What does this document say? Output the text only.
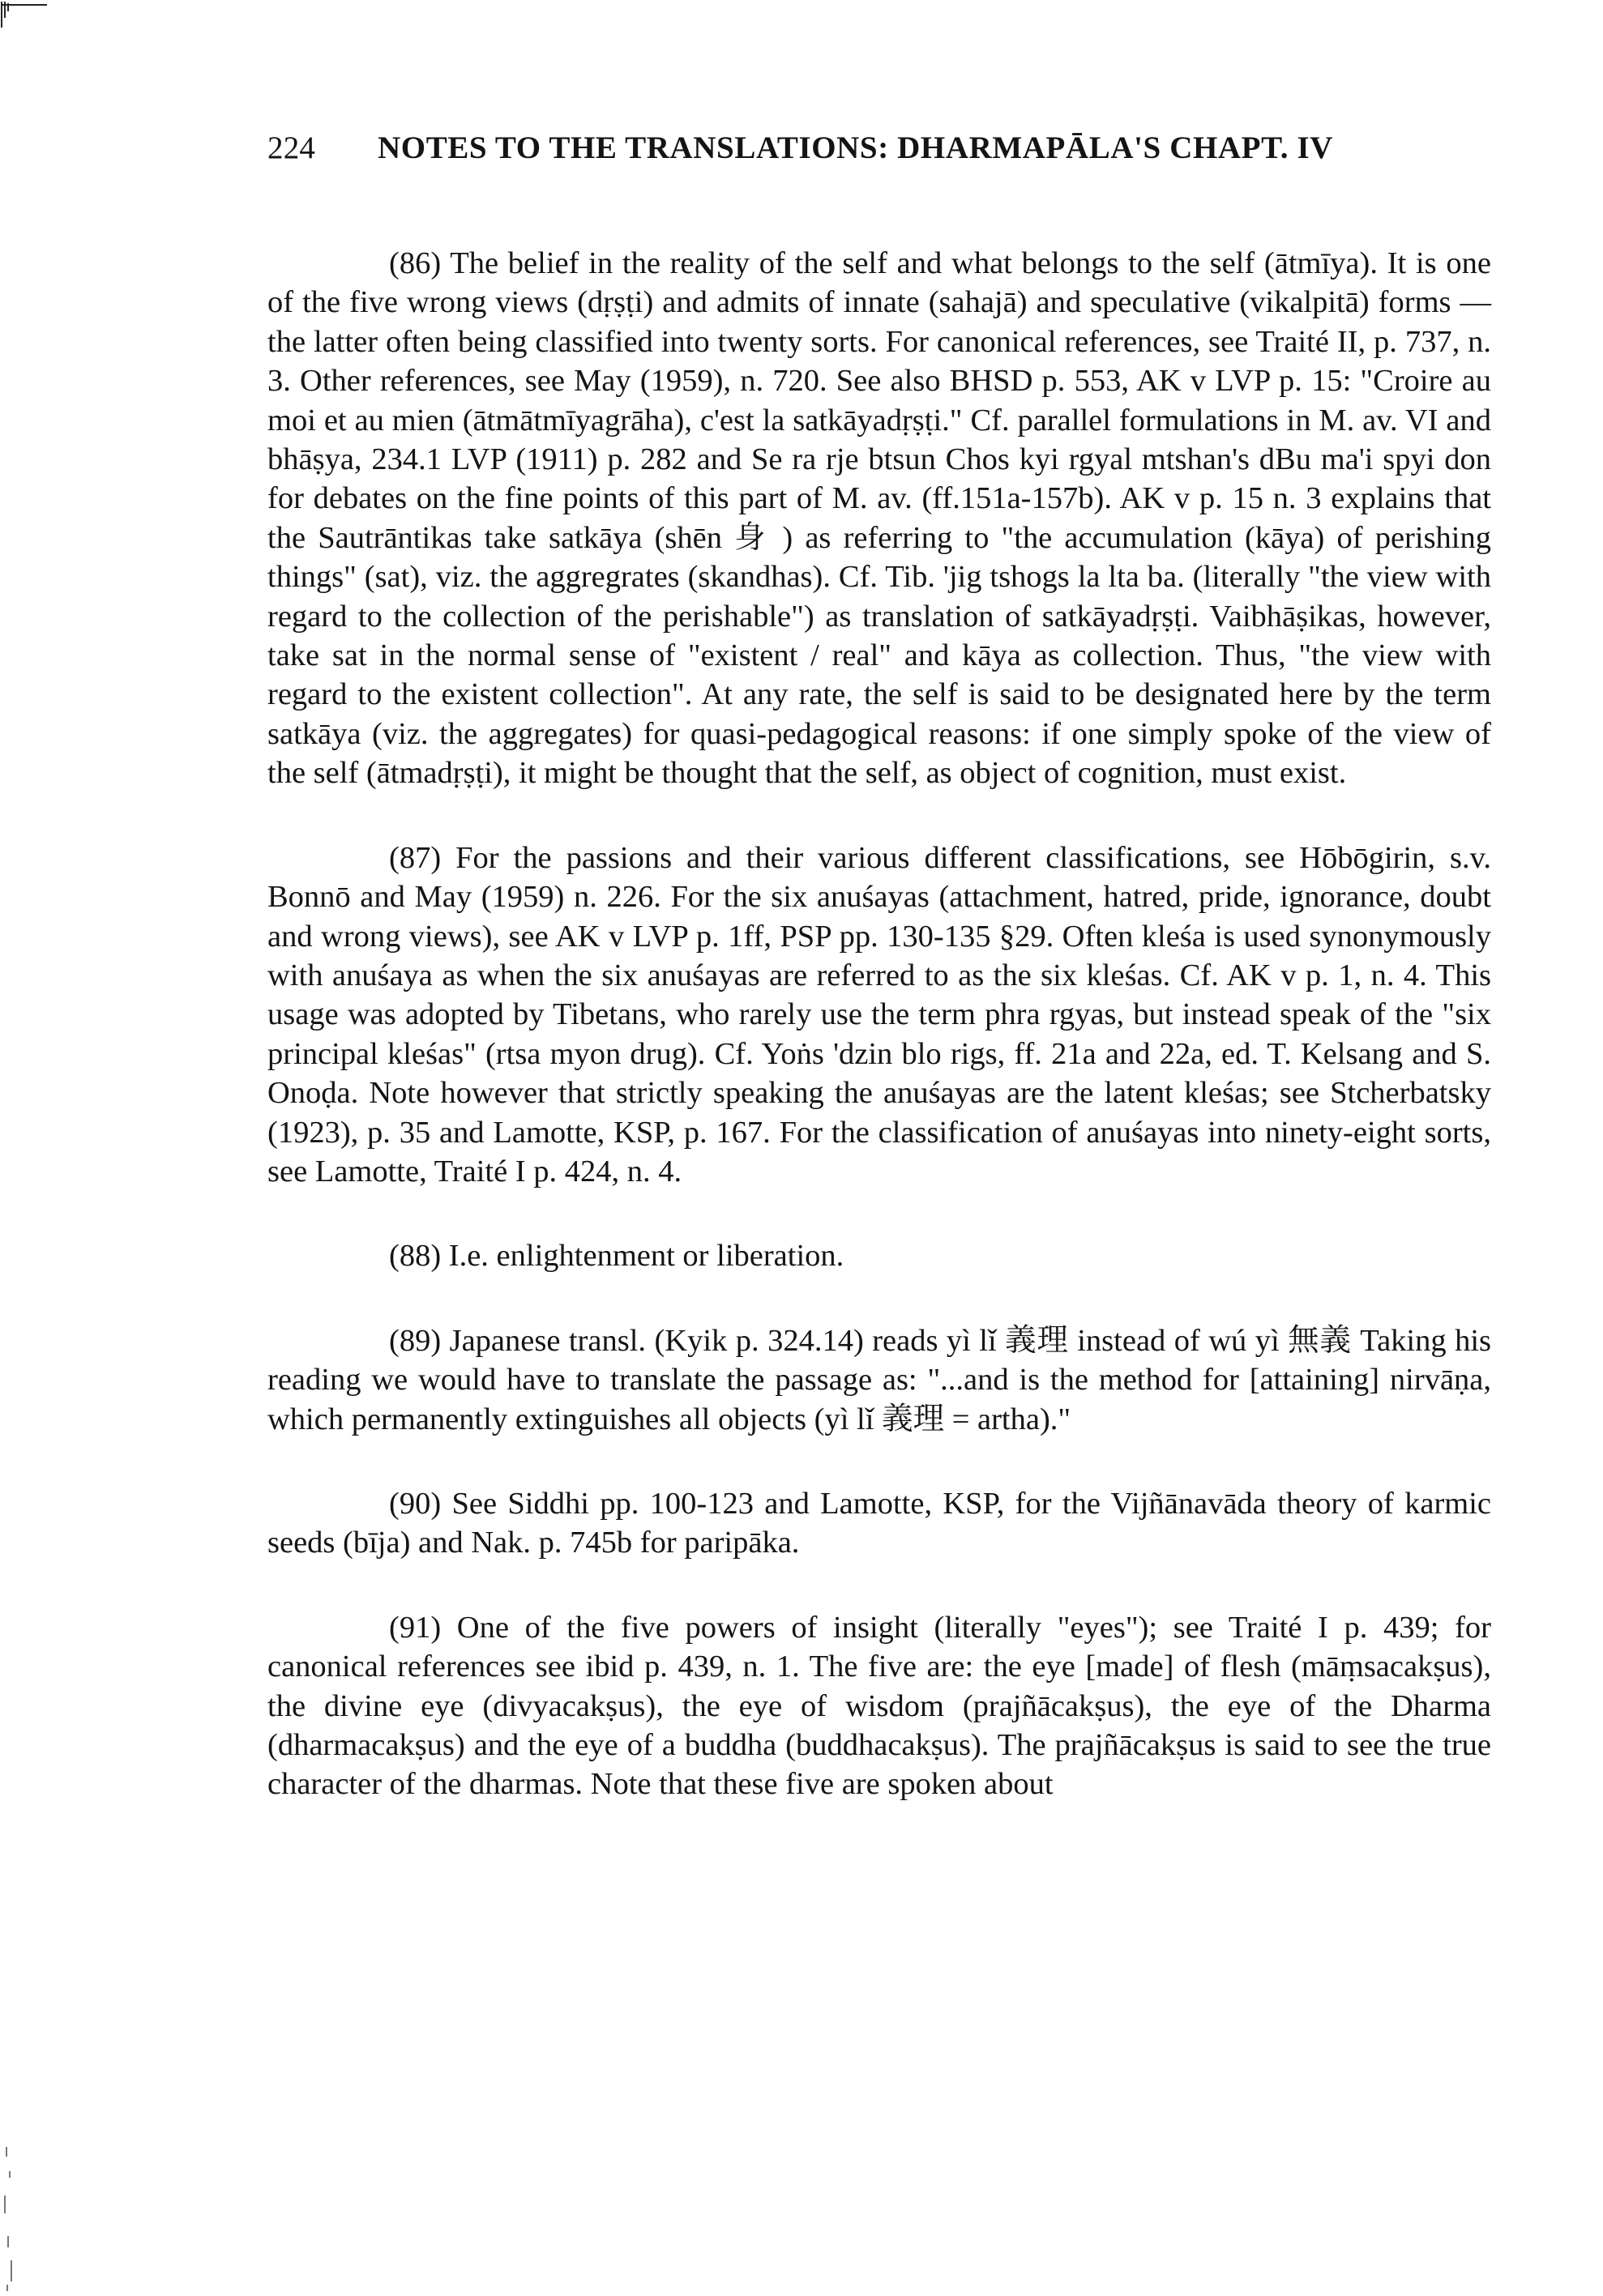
224	NOTES TO THE TRANSLATIONS: DHARMAPĀLA'S CHAPT. IV

(86) The belief in the reality of the self and what belongs to the self (ātmīya). It is one of the five wrong views (dṛṣṭi) and admits of innate (sahajā) and speculative (vikalpitā) forms — the latter often being classified into twenty sorts. For canonical references, see Traité II, p. 737, n. 3. Other references, see May (1959), n. 720. See also BHSD p. 553, AK v LVP p. 15: "Croire au moi et au mien (ātmātmīyagrāha), c'est la satkāyadṛṣṭi." Cf. parallel formulations in M. av. VI and bhāṣya, 234.1 LVP (1911) p. 282 and Se ra rje btsun Chos kyi rgyal mtshan's dBu ma'i spyi don for debates on the fine points of this part of M. av. (ff.151a-157b). AK v p. 15 n. 3 explains that the Sautrāntikas take satkāya (shēn 身 ) as referring to "the accumulation (kāya) of perishing things" (sat), viz. the aggregrates (skandhas). Cf. Tib. 'jig tshogs la lta ba. (literally "the view with regard to the collection of the perishable") as translation of satkāyadṛṣṭi. Vaibhāṣikas, however, take sat in the normal sense of "existent / real" and kāya as collection. Thus, "the view with regard to the existent collection". At any rate, the self is said to be designated here by the term satkāya (viz. the aggregates) for quasi-pedagogical reasons: if one simply spoke of the view of the self (ātmadṛṣṭi), it might be thought that the self, as object of cognition, must exist.

(87) For the passions and their various different classifications, see Hōbōgirin, s.v. Bonnō and May (1959) n. 226. For the six anuśayas (attachment, hatred, pride, ignorance, doubt and wrong views), see AK v LVP p. 1ff, PSP pp. 130-135 §29. Often kleśa is used synonymously with anuśaya as when the six anuśayas are referred to as the six kleśas. Cf. AK v p. 1, n. 4. This usage was adopted by Tibetans, who rarely use the term phra rgyas, but instead speak of the "six principal kleśas" (rtsa myon drug). Cf. Yoṅs 'dzin blo rigs, ff. 21a and 22a, ed. T. Kelsang and S. Onoḍa. Note however that strictly speaking the anuśayas are the latent kleśas; see Stcherbatsky (1923), p. 35 and Lamotte, KSP, p. 167. For the classification of anuśayas into ninety-eight sorts, see Lamotte, Traité I p. 424, n. 4.

(88) I.e. enlightenment or liberation.

(89) Japanese transl. (Kyik p. 324.14) reads yì lǐ 義理 instead of wú yì 無義 Taking his reading we would have to translate the passage as: "...and is the method for [attaining] nirvāṇa, which permanently extinguishes all objects (yì lǐ 義理 = artha)."

(90) See Siddhi pp. 100-123 and Lamotte, KSP, for the Vijñānavāda theory of karmic seeds (bīja) and Nak. p. 745b for paripāka.

(91) One of the five powers of insight (literally "eyes"); see Traité I p. 439; for canonical references see ibid p. 439, n. 1. The five are: the eye [made] of flesh (māṃsacakṣus), the divine eye (divyacakṣus), the eye of wisdom (prajñācakṣus), the eye of the Dharma (dharmacakṣus) and the eye of a buddha (buddhacakṣus). The prajñācakṣus is said to see the true character of the dharmas. Note that these five are spoken about
